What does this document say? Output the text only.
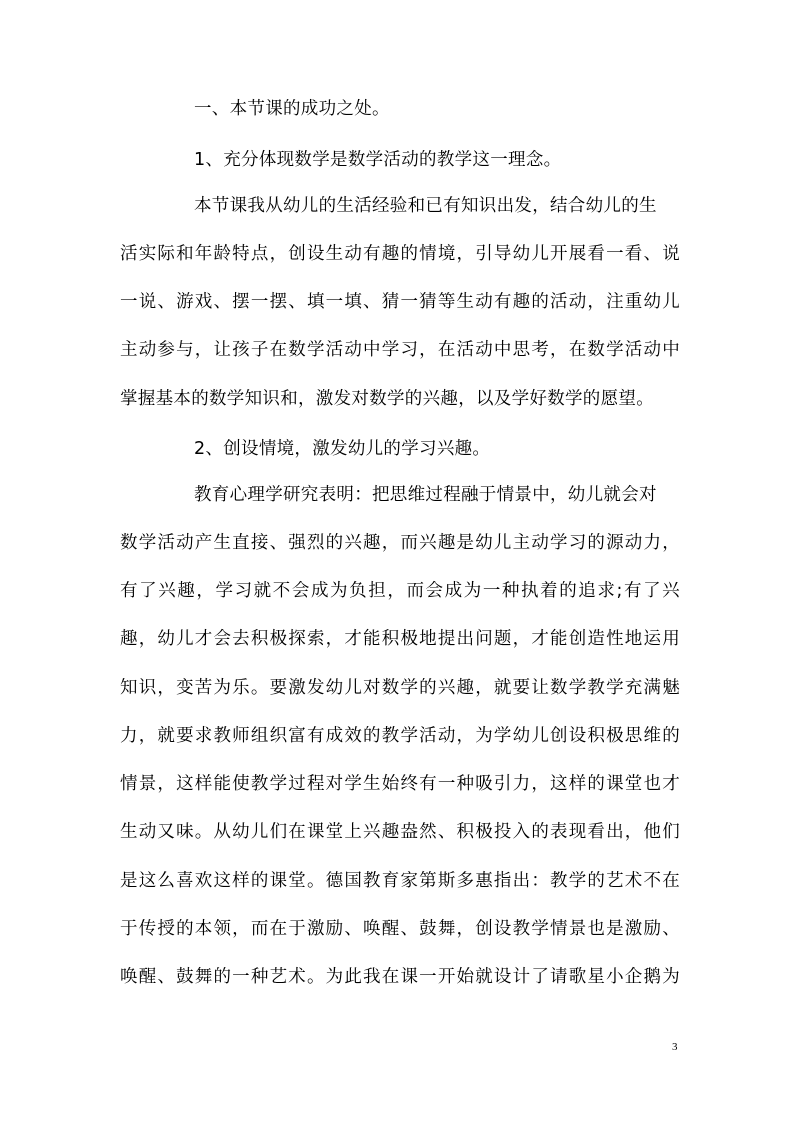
一、本节课的成功之处。
1、充分体现数学是数学活动的教学这一理念。
本节课我从幼儿的生活经验和已有知识出发，结合幼儿的生
活实际和年龄特点，创设生动有趣的情境，引导幼儿开展看一看、说
一说、游戏、摆一摆、填一填、猜一猜等生动有趣的活动，注重幼儿
主动参与，让孩子在数学活动中学习，在活动中思考，在数学活动中
掌握基本的数学知识和，激发对数学的兴趣，以及学好数学的愿望。
2、创设情境，激发幼儿的学习兴趣。
教育心理学研究表明：把思维过程融于情景中，幼儿就会对
数学活动产生直接、强烈的兴趣，而兴趣是幼儿主动学习的源动力，
有了兴趣，学习就不会成为负担，而会成为一种执着的追求;有了兴
趣，幼儿才会去积极探索，才能积极地提出问题，才能创造性地运用
知识，变苦为乐。要激发幼儿对数学的兴趣，就要让数学教学充满魅
力，就要求教师组织富有成效的教学活动，为学幼儿创设积极思维的
情景，这样能使教学过程对学生始终有一种吸引力，这样的课堂也才
生动又味。从幼儿们在课堂上兴趣盎然、积极投入的表现看出，他们
是这么喜欢这样的课堂。德国教育家第斯多惠指出：教学的艺术不在
于传授的本领，而在于激励、唤醒、鼓舞，创设教学情景也是激励、
唤醒、鼓舞的一种艺术。为此我在课一开始就设计了请歌星小企鹅为
3
